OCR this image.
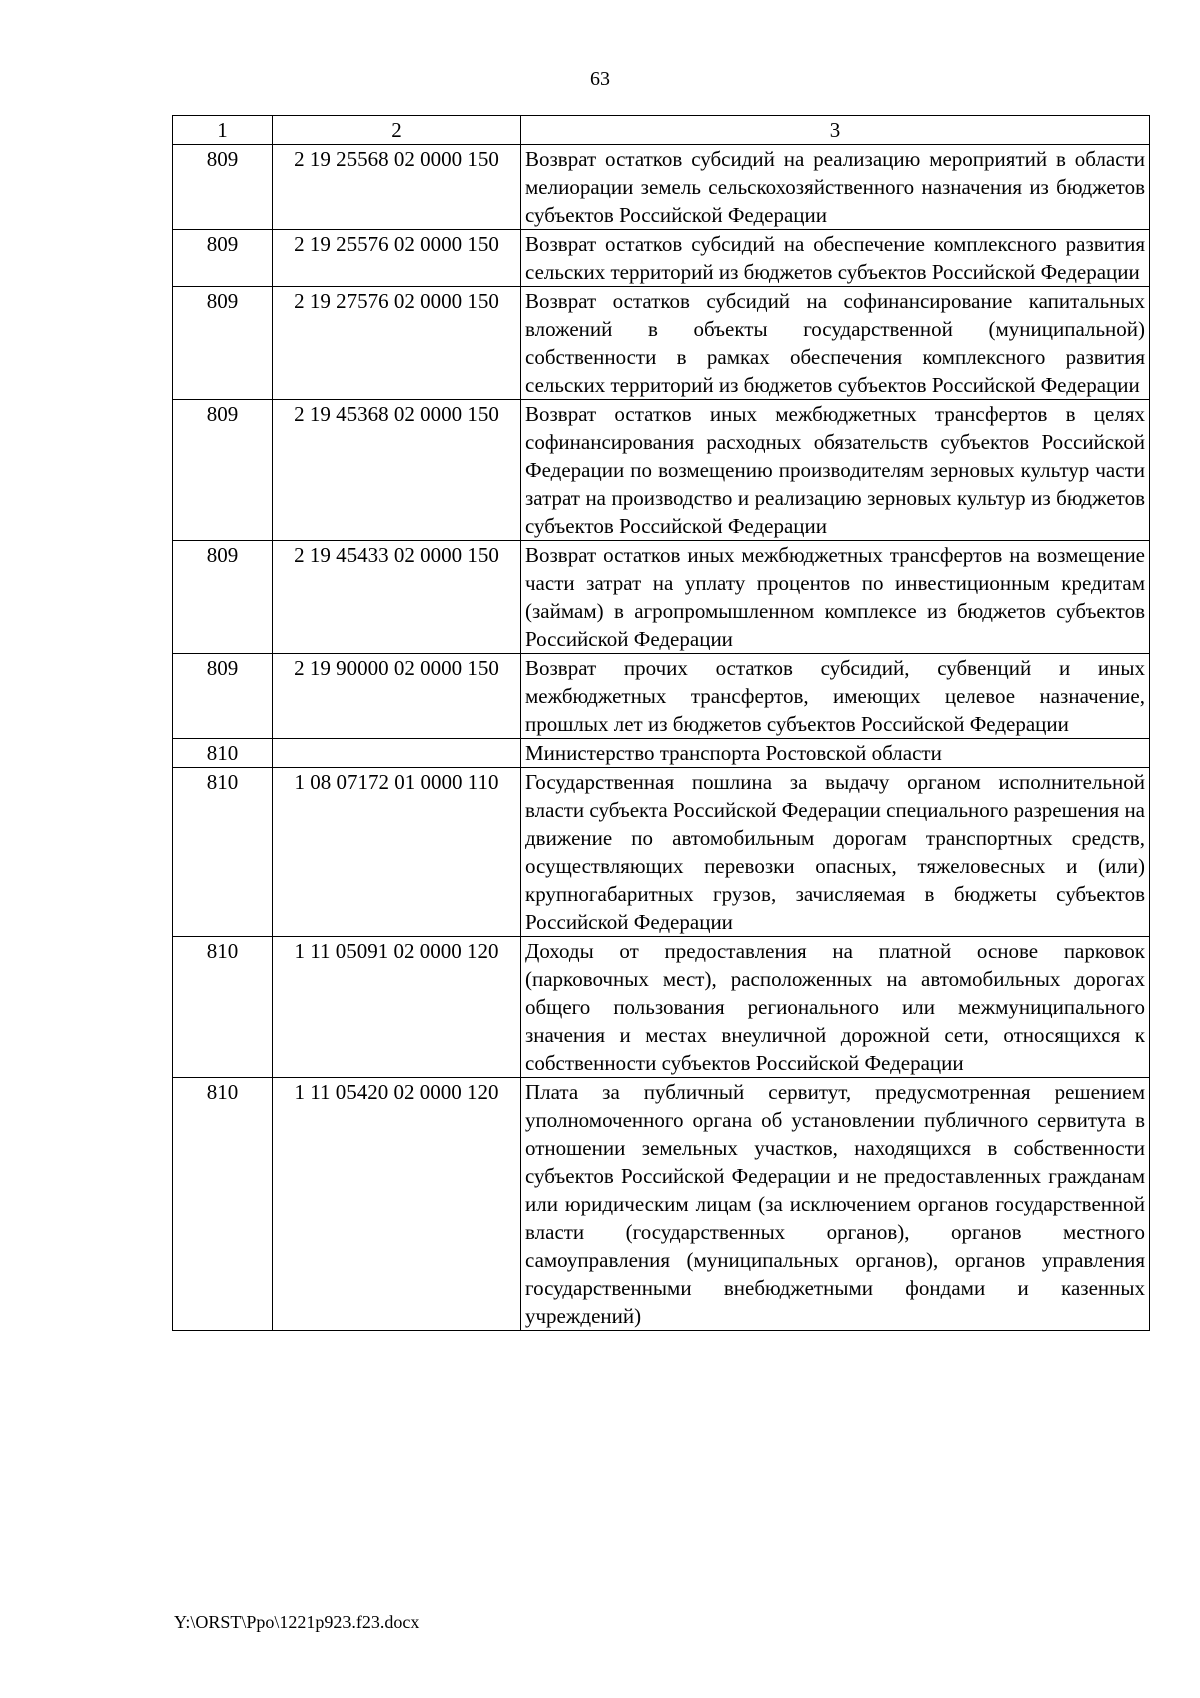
63
1	2	3
809	2 19 25568 02 0000 150	Возврат остатков субсидий на реализацию мероприятий в области мелиорации земель сельскохозяйственного назначения из бюджетов субъектов Российской Федерации
809	2 19 25576 02 0000 150	Возврат остатков субсидий на обеспечение комплексного развития сельских территорий из бюджетов субъектов Российской Федерации
809	2 19 27576 02 0000 150	Возврат остатков субсидий на софинансирование капитальных вложений в объекты государственной (муниципальной) собственности в рамках обеспечения комплексного развития сельских территорий из бюджетов субъектов Российской Федерации
809	2 19 45368 02 0000 150	Возврат остатков иных межбюджетных трансфертов в целях софинансирования расходных обязательств субъектов Российской Федерации по возмещению производителям зерновых культур части затрат на производство и реализацию зерновых культур из бюджетов субъектов Российской Федерации
809	2 19 45433 02 0000 150	Возврат остатков иных межбюджетных трансфертов на возмещение части затрат на уплату процентов по инвестиционным кредитам (займам) в агропромышленном комплексе из бюджетов субъектов Российской Федерации
809	2 19 90000 02 0000 150	Возврат прочих остатков субсидий, субвенций и иных межбюджетных трансфертов, имеющих целевое назначение, прошлых лет из бюджетов субъектов Российской Федерации
810		Министерство транспорта Ростовской области
810	1 08 07172 01 0000 110	Государственная пошлина за выдачу органом исполнительной власти субъекта Российской Федерации специального разрешения на движение по автомобильным дорогам транспортных средств, осуществляющих перевозки опасных, тяжеловесных и (или) крупногабаритных грузов, зачисляемая в бюджеты субъектов Российской Федерации
810	1 11 05091 02 0000 120	Доходы от предоставления на платной основе парковок (парковочных мест), расположенных на автомобильных дорогах общего пользования регионального или межмуниципального значения и местах внеуличной дорожной сети, относящихся к собственности субъектов Российской Федерации
810	1 11 05420 02 0000 120	Плата за публичный сервитут, предусмотренная решением уполномоченного органа об установлении публичного сервитута в отношении земельных участков, находящихся в собственности субъектов Российской Федерации и не предоставленных гражданам или юридическим лицам (за исключением органов государственной власти (государственных органов), органов местного самоуправления (муниципальных органов), органов управления государственными внебюджетными фондами и казенных учреждений)
Y:\ORST\Ppo\1221p923.f23.docx
